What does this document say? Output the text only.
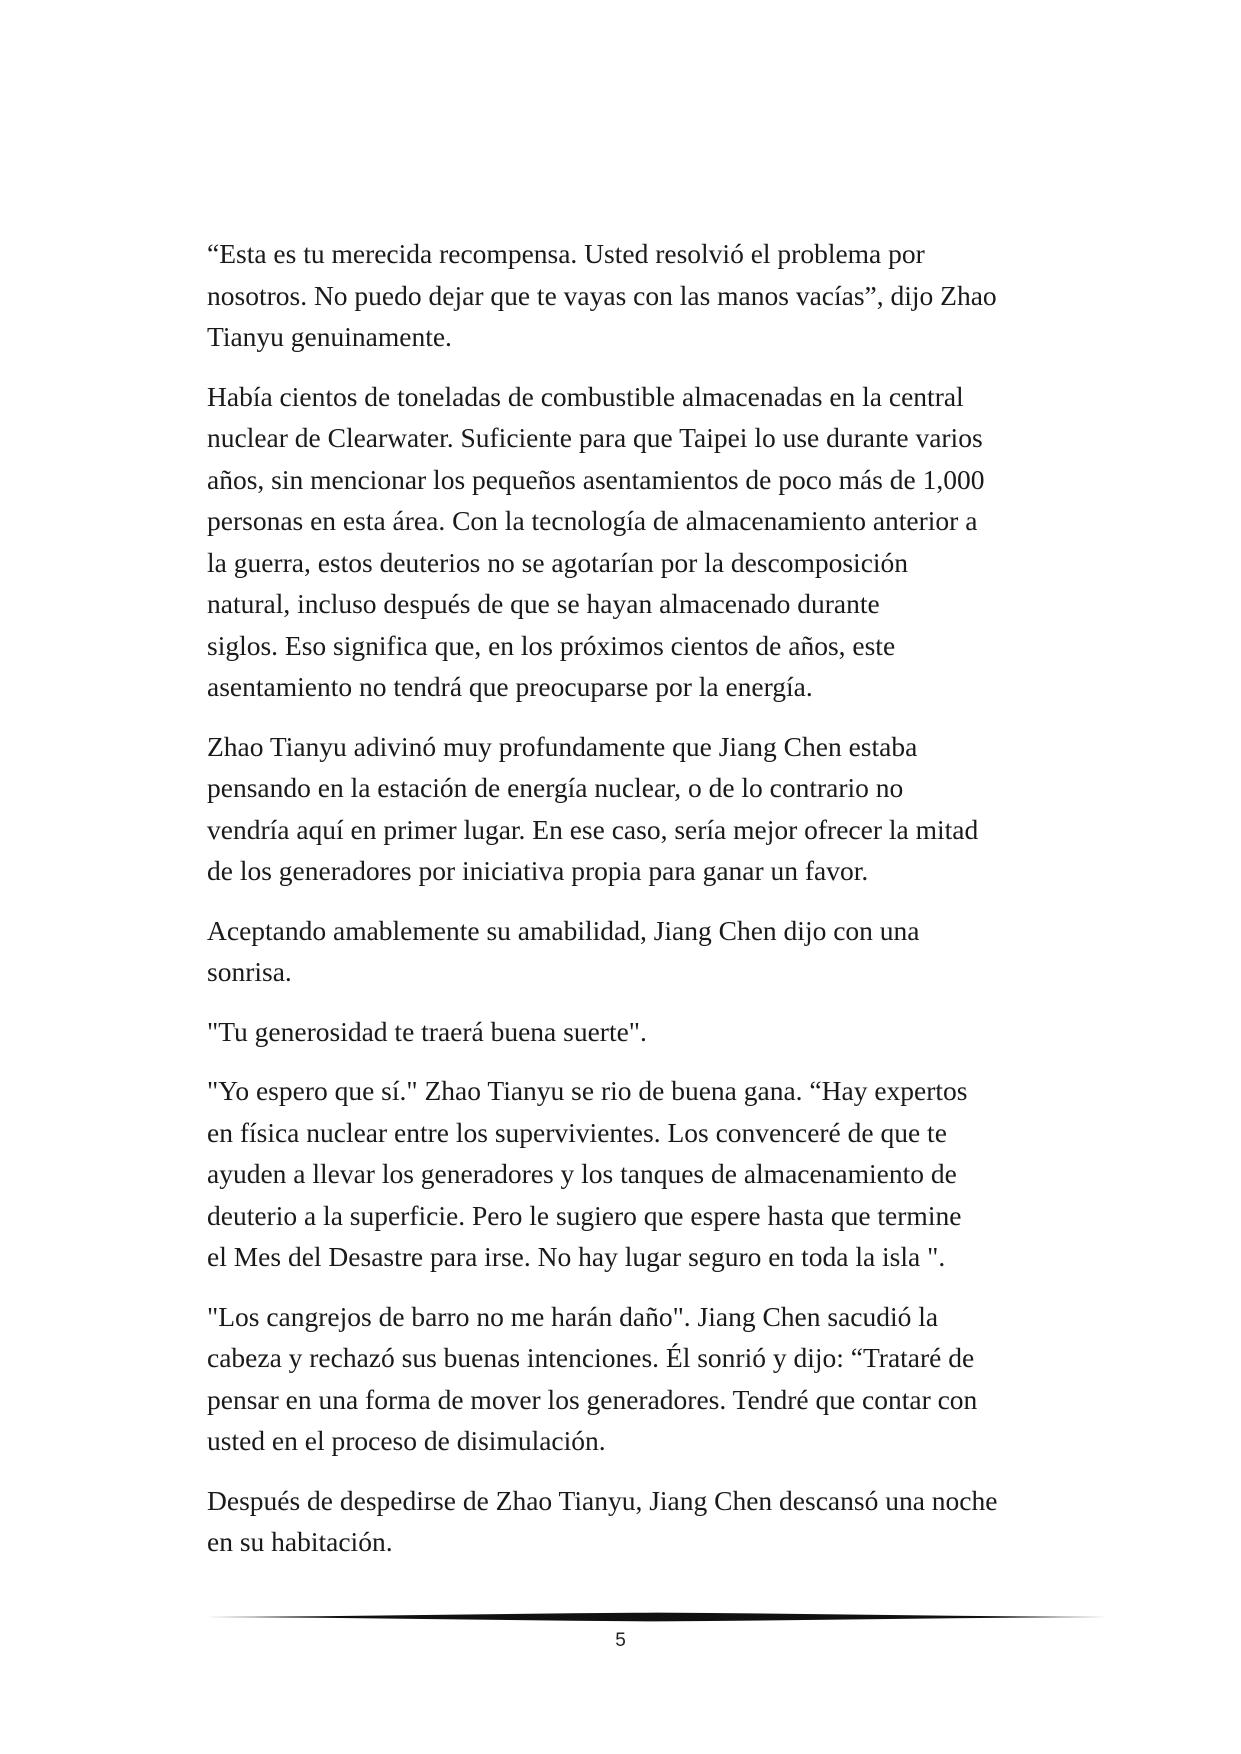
“Esta es tu merecida recompensa. Usted resolvió el problema por
nosotros. No puedo dejar que te vayas con las manos vacías”, dijo Zhao
Tianyu genuinamente.

Había cientos de toneladas de combustible almacenadas en la central
nuclear de Clearwater. Suficiente para que Taipei lo use durante varios
años, sin mencionar los pequeños asentamientos de poco más de 1,000
personas en esta área. Con la tecnología de almacenamiento anterior a
la guerra, estos deuterios no se agotarían por la descomposición
natural, incluso después de que se hayan almacenado durante
siglos. Eso significa que, en los próximos cientos de años, este
asentamiento no tendrá que preocuparse por la energía.

Zhao Tianyu adivinó muy profundamente que Jiang Chen estaba
pensando en la estación de energía nuclear, o de lo contrario no
vendría aquí en primer lugar. En ese caso, sería mejor ofrecer la mitad
de los generadores por iniciativa propia para ganar un favor.

Aceptando amablemente su amabilidad, Jiang Chen dijo con una
sonrisa.

"Tu generosidad te traerá buena suerte".

"Yo espero que sí." Zhao Tianyu se rio de buena gana. “Hay expertos
en física nuclear entre los supervivientes. Los convenceré de que te
ayuden a llevar los generadores y los tanques de almacenamiento de
deuterio a la superficie. Pero le sugiero que espere hasta que termine
el Mes del Desastre para irse. No hay lugar seguro en toda la isla ".

"Los cangrejos de barro no me harán daño". Jiang Chen sacudió la
cabeza y rechazó sus buenas intenciones. Él sonrió y dijo: “Trataré de
pensar en una forma de mover los generadores. Tendré que contar con
usted en el proceso de disimulación.

Después de despedirse de Zhao Tianyu, Jiang Chen descansó una noche
en su habitación.

5
